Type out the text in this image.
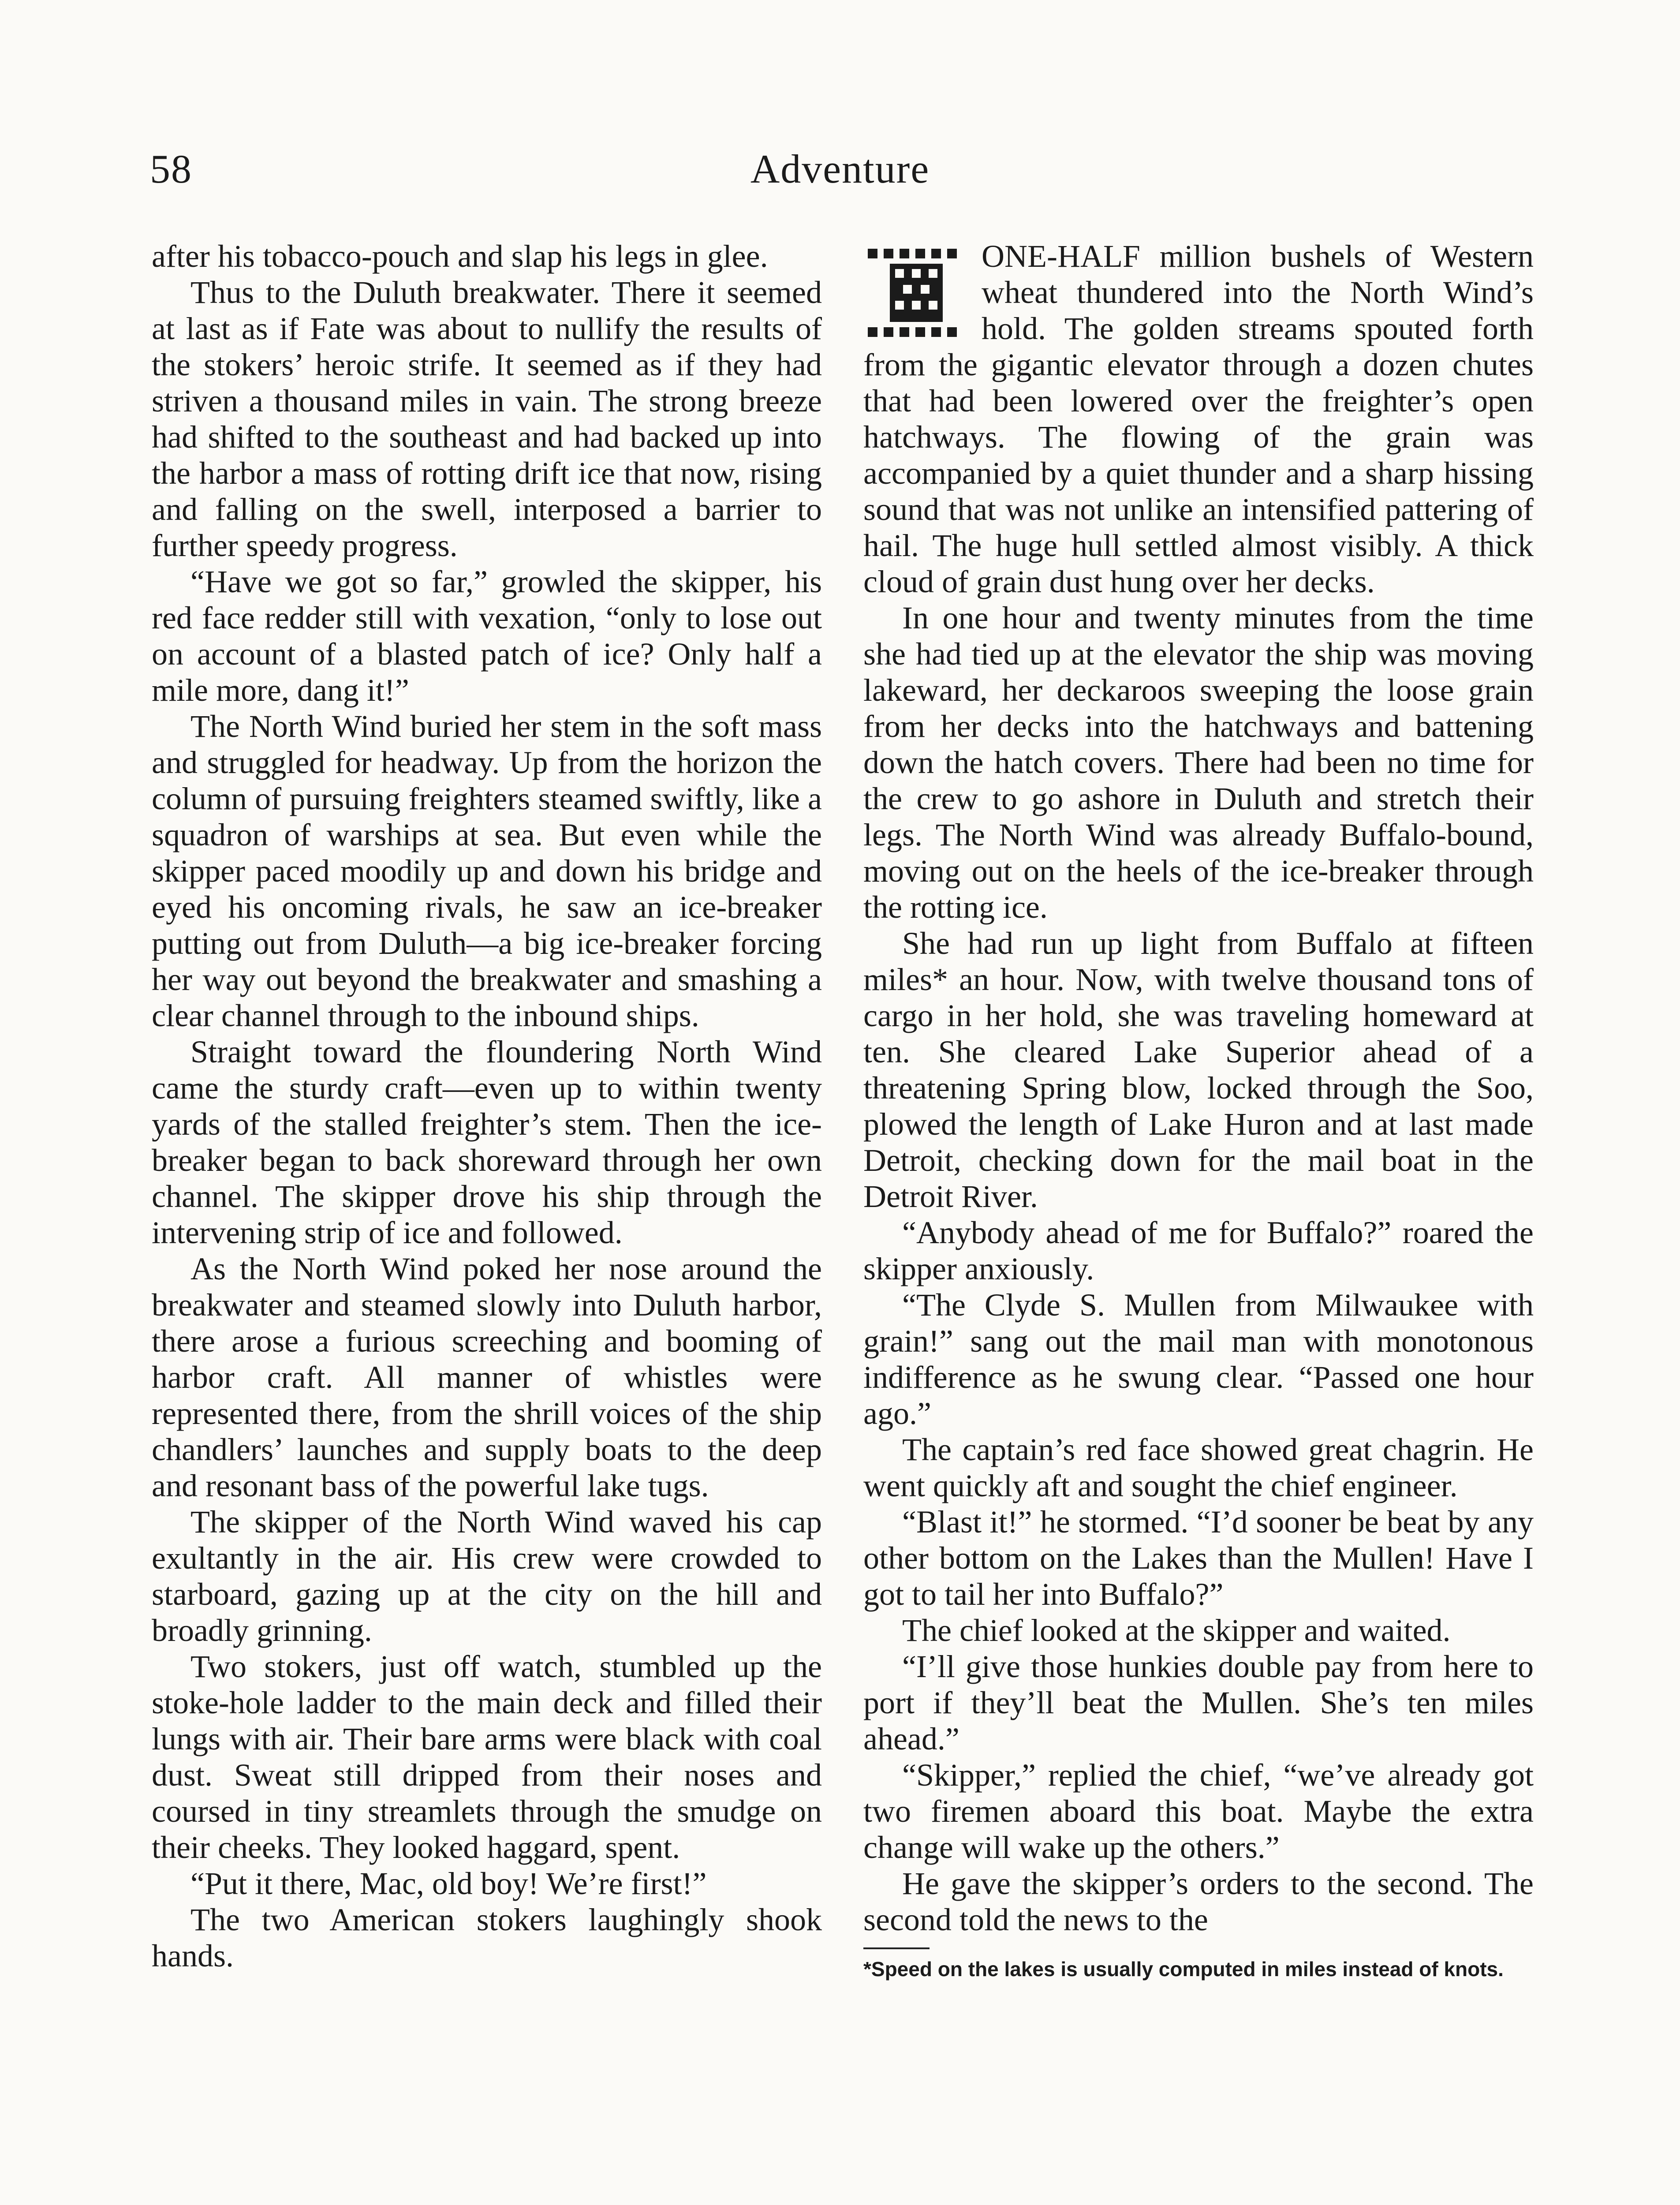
58	Adventure

after his tobacco-pouch and slap his legs in glee.

Thus to the Duluth breakwater. There it seemed at last as if Fate was about to nullify the results of the stokers’ heroic strife. It seemed as if they had striven a thousand miles in vain. The strong breeze had shifted to the southeast and had backed up into the harbor a mass of rotting drift ice that now, rising and falling on the swell, interposed a barrier to further speedy progress.

“Have we got so far,” growled the skipper, his red face redder still with vexation, “only to lose out on account of a blasted patch of ice? Only half a mile more, dang it!”

The North Wind buried her stem in the soft mass and struggled for headway. Up from the horizon the column of pursuing freighters steamed swiftly, like a squadron of warships at sea. But even while the skipper paced moodily up and down his bridge and eyed his oncoming rivals, he saw an ice-breaker putting out from Duluth—a big ice-breaker forcing her way out beyond the breakwater and smashing a clear channel through to the inbound ships.

Straight toward the floundering North Wind came the sturdy craft—even up to within twenty yards of the stalled freighter’s stem. Then the ice-breaker began to back shoreward through her own channel. The skipper drove his ship through the intervening strip of ice and followed.

As the North Wind poked her nose around the breakwater and steamed slowly into Duluth harbor, there arose a furious screeching and booming of harbor craft. All manner of whistles were represented there, from the shrill voices of the ship chandlers’ launches and supply boats to the deep and resonant bass of the powerful lake tugs.

The skipper of the North Wind waved his cap exultantly in the air. His crew were crowded to starboard, gazing up at the city on the hill and broadly grinning.

Two stokers, just off watch, stumbled up the stoke-hole ladder to the main deck and filled their lungs with air. Their bare arms were black with coal dust. Sweat still dripped from their noses and coursed in tiny streamlets through the smudge on their cheeks. They looked haggard, spent.

“Put it there, Mac, old boy! We’re first!”

The two American stokers laughingly shook hands.

ONE-HALF million bushels of Western wheat thundered into the North Wind’s hold. The golden streams spouted forth from the gigantic elevator through a dozen chutes that had been lowered over the freighter’s open hatchways. The flowing of the grain was accompanied by a quiet thunder and a sharp hissing sound that was not unlike an intensified pattering of hail. The huge hull settled almost visibly. A thick cloud of grain dust hung over her decks.

In one hour and twenty minutes from the time she had tied up at the elevator the ship was moving lakeward, her deckaroos sweeping the loose grain from her decks into the hatchways and battening down the hatch covers. There had been no time for the crew to go ashore in Duluth and stretch their legs. The North Wind was already Buffalo-bound, moving out on the heels of the ice-breaker through the rotting ice.

She had run up light from Buffalo at fifteen miles* an hour. Now, with twelve thousand tons of cargo in her hold, she was traveling homeward at ten. She cleared Lake Superior ahead of a threatening Spring blow, locked through the Soo, plowed the length of Lake Huron and at last made Detroit, checking down for the mail boat in the Detroit River.

“Anybody ahead of me for Buffalo?” roared the skipper anxiously.

“The Clyde S. Mullen from Milwaukee with grain!” sang out the mail man with monotonous indifference as he swung clear. “Passed one hour ago.”

The captain’s red face showed great chagrin. He went quickly aft and sought the chief engineer.

“Blast it!” he stormed. “I’d sooner be beat by any other bottom on the Lakes than the Mullen! Have I got to tail her into Buffalo?”

The chief looked at the skipper and waited.

“I’ll give those hunkies double pay from here to port if they’ll beat the Mullen. She’s ten miles ahead.”

“Skipper,” replied the chief, “we’ve already got two firemen aboard this boat. Maybe the extra change will wake up the others.”

He gave the skipper’s orders to the second. The second told the news to the

*Speed on the lakes is usually computed in miles instead of knots.
